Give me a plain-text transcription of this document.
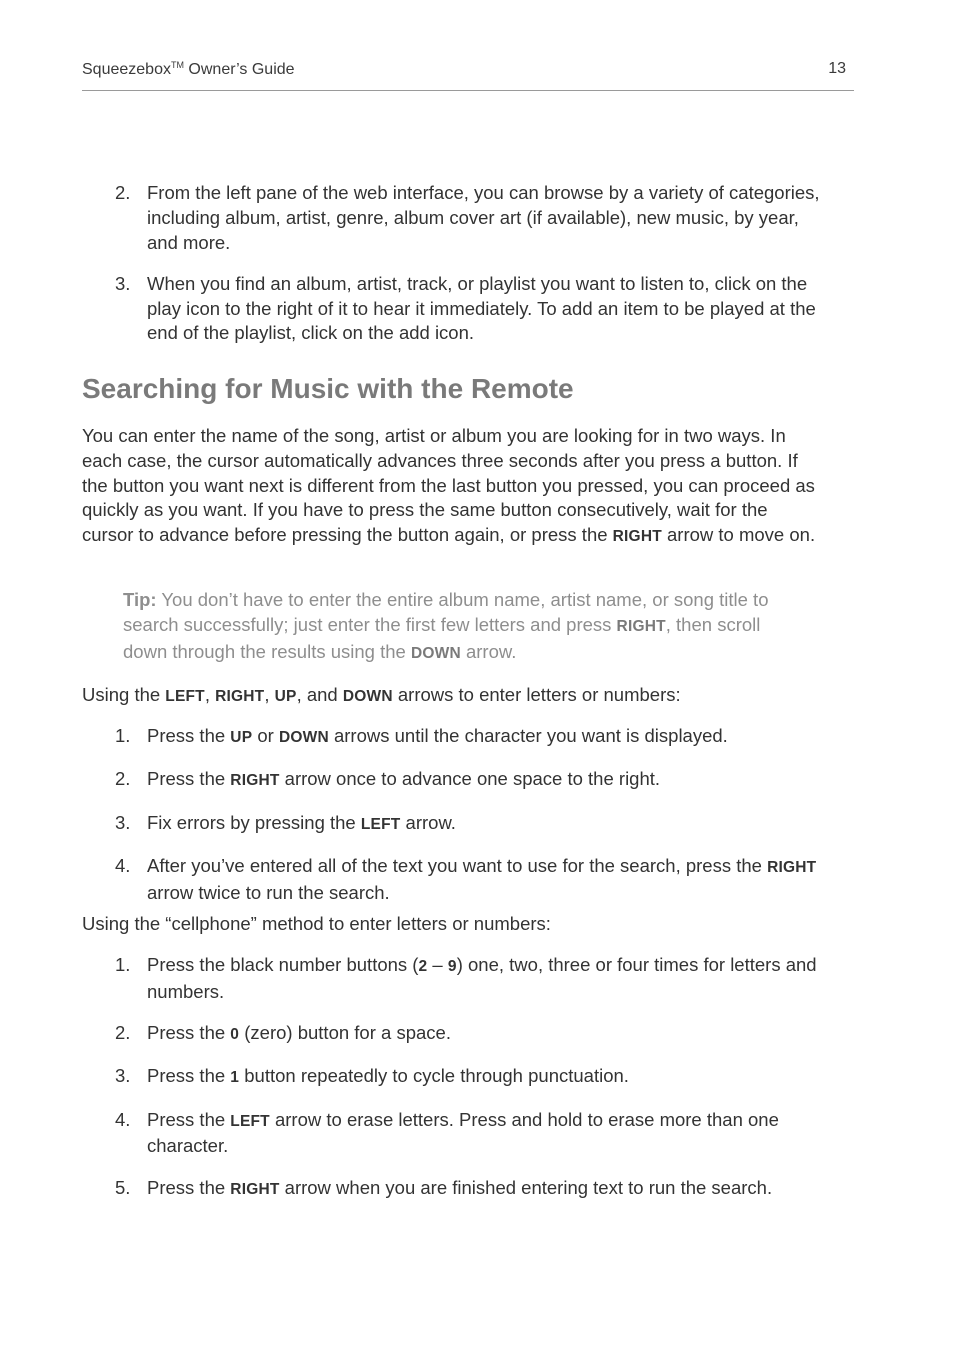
Squeezebox™ Owner’s Guide	13
2. From the left pane of the web interface, you can browse by a variety of categories, including album, artist, genre, album cover art (if available), new music, by year, and more.
3. When you find an album, artist, track, or playlist you want to listen to, click on the play icon to the right of it to hear it immediately. To add an item to be played at the end of the playlist, click on the add icon.
Searching for Music with the Remote

You can enter the name of the song, artist or album you are looking for in two ways. In each case, the cursor automatically advances three seconds after you press a button. If the button you want next is different from the last button you pressed, you can proceed as quickly as you want. If you have to press the same button consecutively, wait for the cursor to advance before pressing the button again, or press the RIGHT arrow to move on.

Tip: You don’t have to enter the entire album name, artist name, or song title to search successfully; just enter the first few letters and press RIGHT, then scroll down through the results using the DOWN arrow.
Using the LEFT, RIGHT, UP, and DOWN arrows to enter letters or numbers:
1. Press the UP or DOWN arrows until the character you want is displayed.
2. Press the RIGHT arrow once to advance one space to the right.
3. Fix errors by pressing the LEFT arrow.
4. After you’ve entered all of the text you want to use for the search, press the RIGHT arrow twice to run the search.
Using the “cellphone” method to enter letters or numbers:
1. Press the black number buttons (2 – 9) one, two, three or four times for letters and numbers.
2. Press the 0 (zero) button for a space.
3. Press the 1 button repeatedly to cycle through punctuation.
4. Press the LEFT arrow to erase letters. Press and hold to erase more than one character.
5. Press the RIGHT arrow when you are finished entering text to run the search.
